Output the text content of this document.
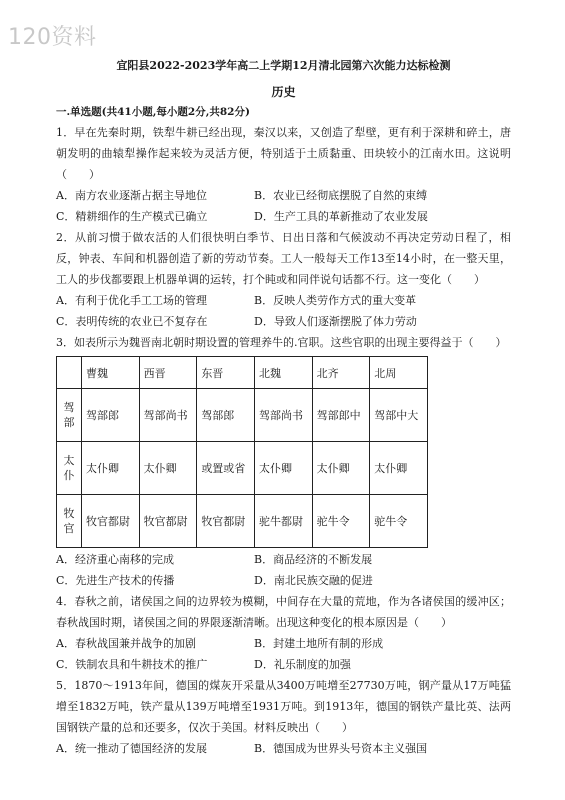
120资料
宜阳县2022-2023学年高二上学期12月清北园第六次能力达标检测
历史
一.单选题(共41小题,每小题2分,共82分)
1．早在先秦时期，铁犁牛耕已经出现，秦汉以来，又创造了犁壁，更有利于深耕和碎土，唐朝发明的曲辕犁操作起来较为灵活方便，特别适于土质黏重、田块较小的江南水田。这说明（　　）
A．南方农业逐渐占据主导地位	B．农业已经彻底摆脱了自然的束缚
C．精耕细作的生产模式已确立	D．生产工具的革新推动了农业发展
2．从前习惯于做农活的人们很快明白季节、日出日落和气候波动不再决定劳动日程了，相反，钟表、车间和机器创造了新的劳动节奏。工人一般每天工作13至14小时，在一整天里，工人的步伐都要跟上机器单调的运转，打个盹或和同伴说句话都不行。这一变化（　　）
A．有利于优化手工工场的管理	B．反映人类劳作方式的重大变革
C．表明传统的农业已不复存在	D．导致人们逐渐摆脱了体力劳动
3．如表所示为魏晋南北朝时期设置的管理养牛的.官职。这些官职的出现主要得益于（　　）
	曹魏	西晋	东晋	北魏	北齐	北周
驾部	驾部郎	驾部尚书	驾部郎	驾部尚书	驾部郎中	驾部中大
太仆	太仆卿	太仆卿	或置或省	太仆卿	太仆卿	太仆卿
牧官	牧官都尉	牧官都尉	牧官都尉	驼牛都尉	驼牛令	驼牛令
A．经济重心南移的完成	B．商品经济的不断发展
C．先进生产技术的传播	D．南北民族交融的促进
4．春秋之前，诸侯国之间的边界较为模糊，中间存在大量的荒地，作为各诸侯国的缓冲区；春秋战国时期，诸侯国之间的界限逐渐清晰。出现这种变化的根本原因是（　　）
A．春秋战国兼并战争的加剧	B．封建土地所有制的形成
C．铁制农具和牛耕技术的推广	D．礼乐制度的加强
5．1870～1913年间，德国的煤灰开采量从3400万吨增至27730万吨，钢产量从17万吨猛增至1832万吨，铁产量从139万吨增至1931万吨。到1913年，德国的钢铁产量比英、法两国钢铁产量的总和还要多，仅次于美国。材料反映出（　　）
A．统一推动了德国经济的发展	B．德国成为世界头号资本主义强国
